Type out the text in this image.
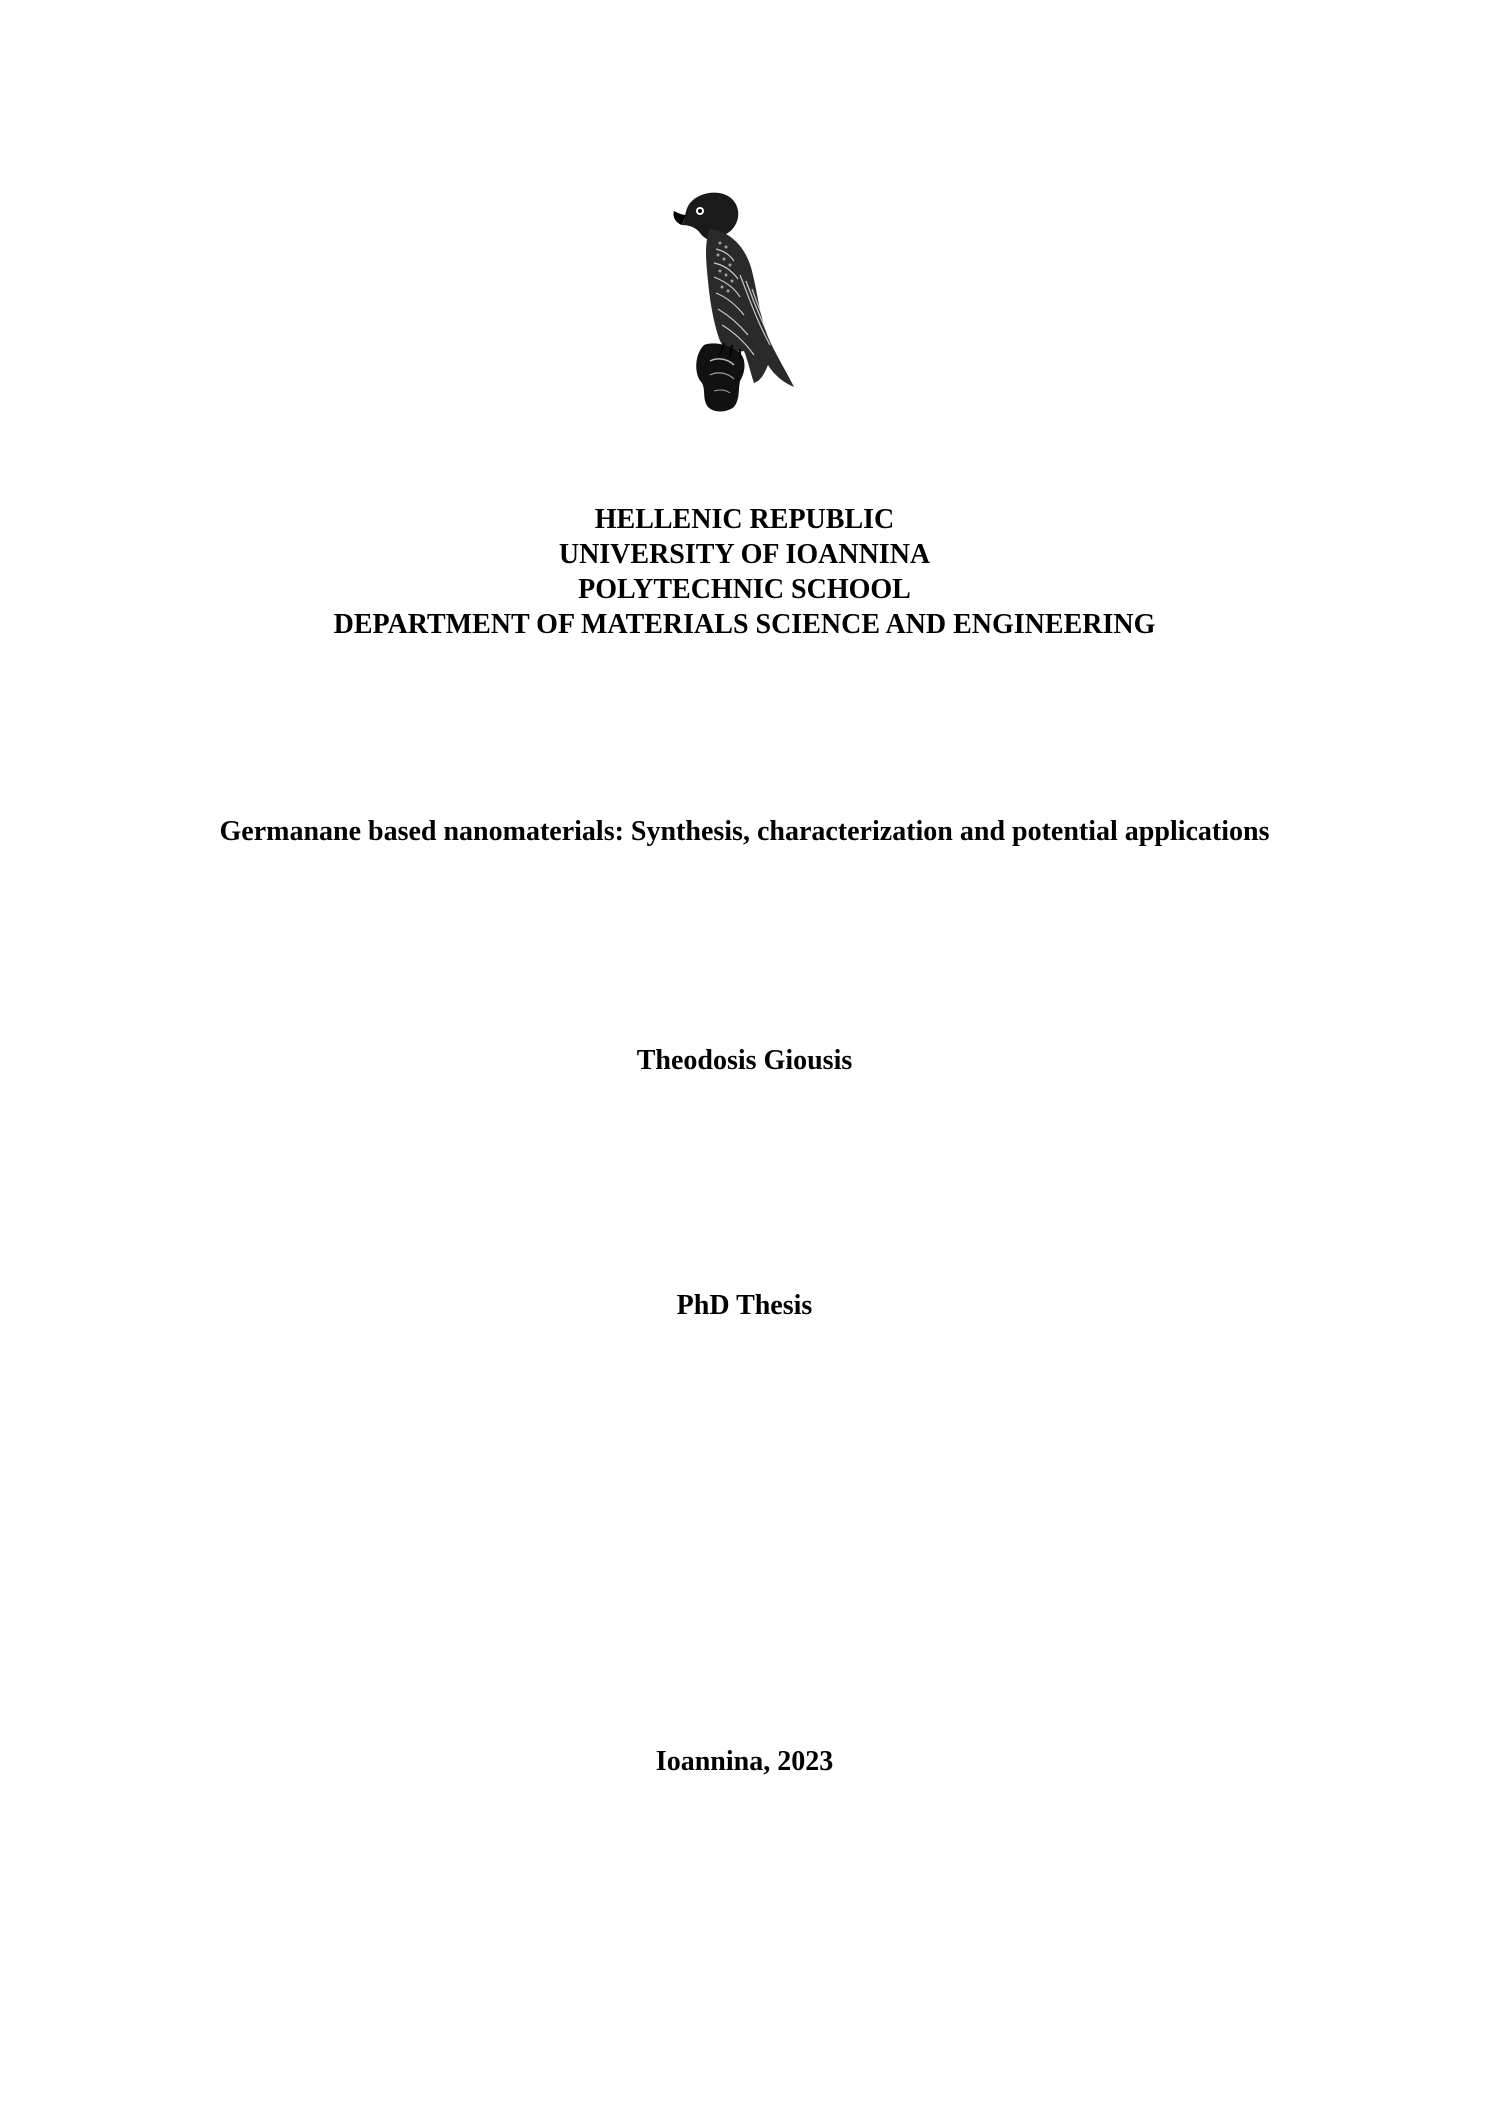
HELLENIC REPUBLIC
UNIVERSITY OF IOANNINA
POLYTECHNIC SCHOOL
DEPARTMENT OF MATERIALS SCIENCE AND ENGINEERING
Germanane based nanomaterials: Synthesis, characterization and potential applications
Theodosis Giousis
PhD Thesis
Ioannina, 2023
